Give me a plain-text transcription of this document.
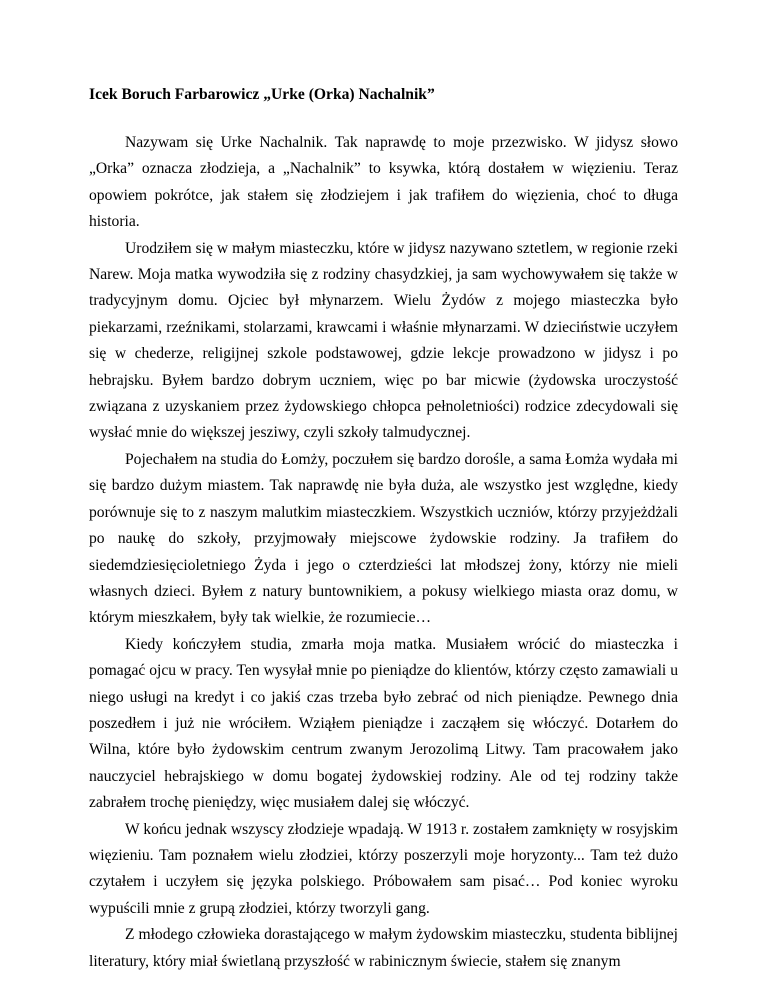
Icek Boruch Farbarowicz „Urke (Orka) Nachalnik”

Nazywam się Urke Nachalnik. Tak naprawdę to moje przezwisko. W jidysz słowo „Orka” oznacza złodzieja, a „Nachalnik” to ksywka, którą dostałem w więzieniu. Teraz opowiem pokrótce, jak stałem się złodziejem i jak trafiłem do więzienia, choć to długa historia.

Urodziłem się w małym miasteczku, które w jidysz nazywano sztetlem, w regionie rzeki Narew. Moja matka wywodziła się z rodziny chasydzkiej, ja sam wychowywałem się także w tradycyjnym domu. Ojciec był młynarzem. Wielu Żydów z mojego miasteczka było piekarzami, rzeźnikami, stolarzami, krawcami i właśnie młynarzami. W dzieciństwie uczyłem się w chederze, religijnej szkole podstawowej, gdzie lekcje prowadzono w jidysz i po hebrajsku. Byłem bardzo dobrym uczniem, więc po bar micwie (żydowska uroczystość związana z uzyskaniem przez żydowskiego chłopca pełnoletniości) rodzice zdecydowali się wysłać mnie do większej jesziwy, czyli szkoły talmudycznej.

Pojechałem na studia do Łomży, poczułem się bardzo dorośle, a sama Łomża wydała mi się bardzo dużym miastem. Tak naprawdę nie była duża, ale wszystko jest względne, kiedy porównuje się to z naszym malutkim miasteczkiem. Wszystkich uczniów, którzy przyjeżdżali po naukę do szkoły, przyjmowały miejscowe żydowskie rodziny. Ja trafiłem do siedemdziesięcioletniego Żyda i jego o czterdzieści lat młodszej żony, którzy nie mieli własnych dzieci. Byłem z natury buntownikiem, a pokusy wielkiego miasta oraz domu, w którym mieszkałem, były tak wielkie, że rozumiecie…

Kiedy kończyłem studia, zmarła moja matka. Musiałem wrócić do miasteczka i pomagać ojcu w pracy. Ten wysyłał mnie po pieniądze do klientów, którzy często zamawiali u niego usługi na kredyt i co jakiś czas trzeba było zebrać od nich pieniądze. Pewnego dnia poszedłem i już nie wróciłem. Wziąłem pieniądze i zacząłem się włóczyć. Dotarłem do Wilna, które było żydowskim centrum zwanym Jerozolimą Litwy. Tam pracowałem jako nauczyciel hebrajskiego w domu bogatej żydowskiej rodziny. Ale od tej rodziny także zabrałem trochę pieniędzy, więc musiałem dalej się włóczyć.

W końcu jednak wszyscy złodzieje wpadają. W 1913 r. zostałem zamknięty w rosyjskim więzieniu. Tam poznałem wielu złodziei, którzy poszerzyli moje horyzonty... Tam też dużo czytałem i uczyłem się języka polskiego. Próbowałem sam pisać… Pod koniec wyroku wypuścili mnie z grupą złodziei, którzy tworzyli gang.

Z młodego człowieka dorastającego w małym żydowskim miasteczku, studenta biblijnej literatury, który miał świetlaną przyszłość w rabinicznym świecie, stałem się znanym
